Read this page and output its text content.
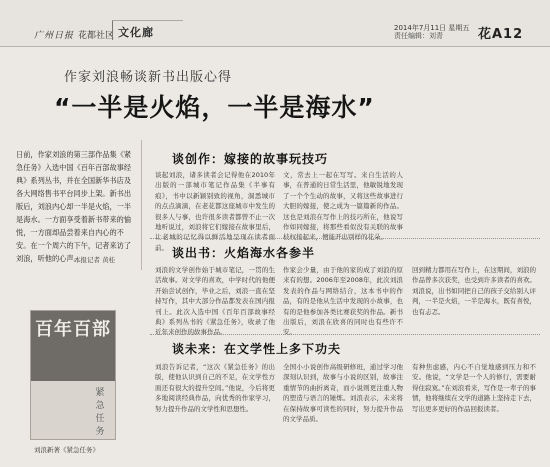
广州日报 花都社区 文化廊	2014年7月11日 星期五
责任编辑：刘青	花A12
作家刘浪畅谈新书出版心得
“一半是火焰，一半是海水”
日前，作家刘浪的第三部作品集《紧急任务》入选中国《百年百部故事经典》系列丛书，并在全国新华书店及各大网络售书平台同步上架。新书出版后，刘浪内心却一半是火焰，一半是海水。一方面享受着新书带来的愉悦，一方面却品尝着来自内心的不安。在一个周六的下午，记者来访了刘浪，听他的心声。
本报记者 黄桂
谈创作：嫁接的故事玩技巧
谈起刘浪，诸多读者会记得他在2010年出版的一部城市笔记作品集《半事有痕》，书中以新颖别致的视角，洞悉城市的点点滴滴，在老花都这座城市中发生的很多人与事，也许很多读者都曾不止一次地听说过，刘浪将它们嫁接在故事里后，让老城的记忆得以鲜活地呈现在读者面前。
文，常去上一起在写写。来自生活的人事，在普通的日常生活里，他敏锐地发现了一个个生动的故事，又将这些故事进行大胆的嫁接，使之成为一篇篇新的作品。这也是刘浪在写作上的技巧所在，他说写作如同嫁接，将那些看似没有关联的故事枝杈接起来，便能开出别样的花朵。
谈出书：火焰海水各参半
刘浪的文学创作始于城市笔记，一贯的生活故事。对文学的喜欢，中学时代的他便开始尝试创作，毕业之后，刘浪一直在坚持写作，其中大部分作品都发表在国内报刊上。此次入选中国《百年百部故事经典》系列丛书的《紧急任务》，收录了他近年来创作的故事作品。
作家会少量，由于他的家的成了刘浪的原来有的想。2006年至2008年，此次刘浪发表的作品与网络结合，这本书中的作品，有的是他从生活中发现的小故事，也有的是他参加各类比赛获奖的作品。新书出版后，刘浪在欣喜的同时也有些许不安。
回到精力都用在写作上，在这期间，刘浪的作品曾多次获奖，也受到许多读者的喜欢。刘浪说，出书如同把自己的孩子交给别人评判，一半是火焰，一半是海水，既有喜悦，也有忐忑。
谈未来：在文学性上多下功夫
刘浪告诉记者，“这次《紧急任务》的出版，使他认识到自己的不足，在文学性方面还有很大的提升空间。”他说，今后将更多地阅读经典作品，向优秀的作家学习，努力提升作品的文学性和思想性。
全国小小说创作高级研修班，通过学习他深刻认识到，故事与小说的区别，故事注重情节的曲折离奇，而小说则更注重人物的塑造与语言的锤炼。刘浪表示，未来将在保持故事可读性的同时，努力提升作品的文学品质。
有种焦虑感，内心不自觉地感到压力和不安。他说，“文学是一个人的修行，需要耐得住寂寞。”在刘浪看来，写作是一辈子的事情，他将继续在文学的道路上坚持走下去，写出更多更好的作品回报读者。
百年百部
紧急任务
刘浪新著《紧急任务》
